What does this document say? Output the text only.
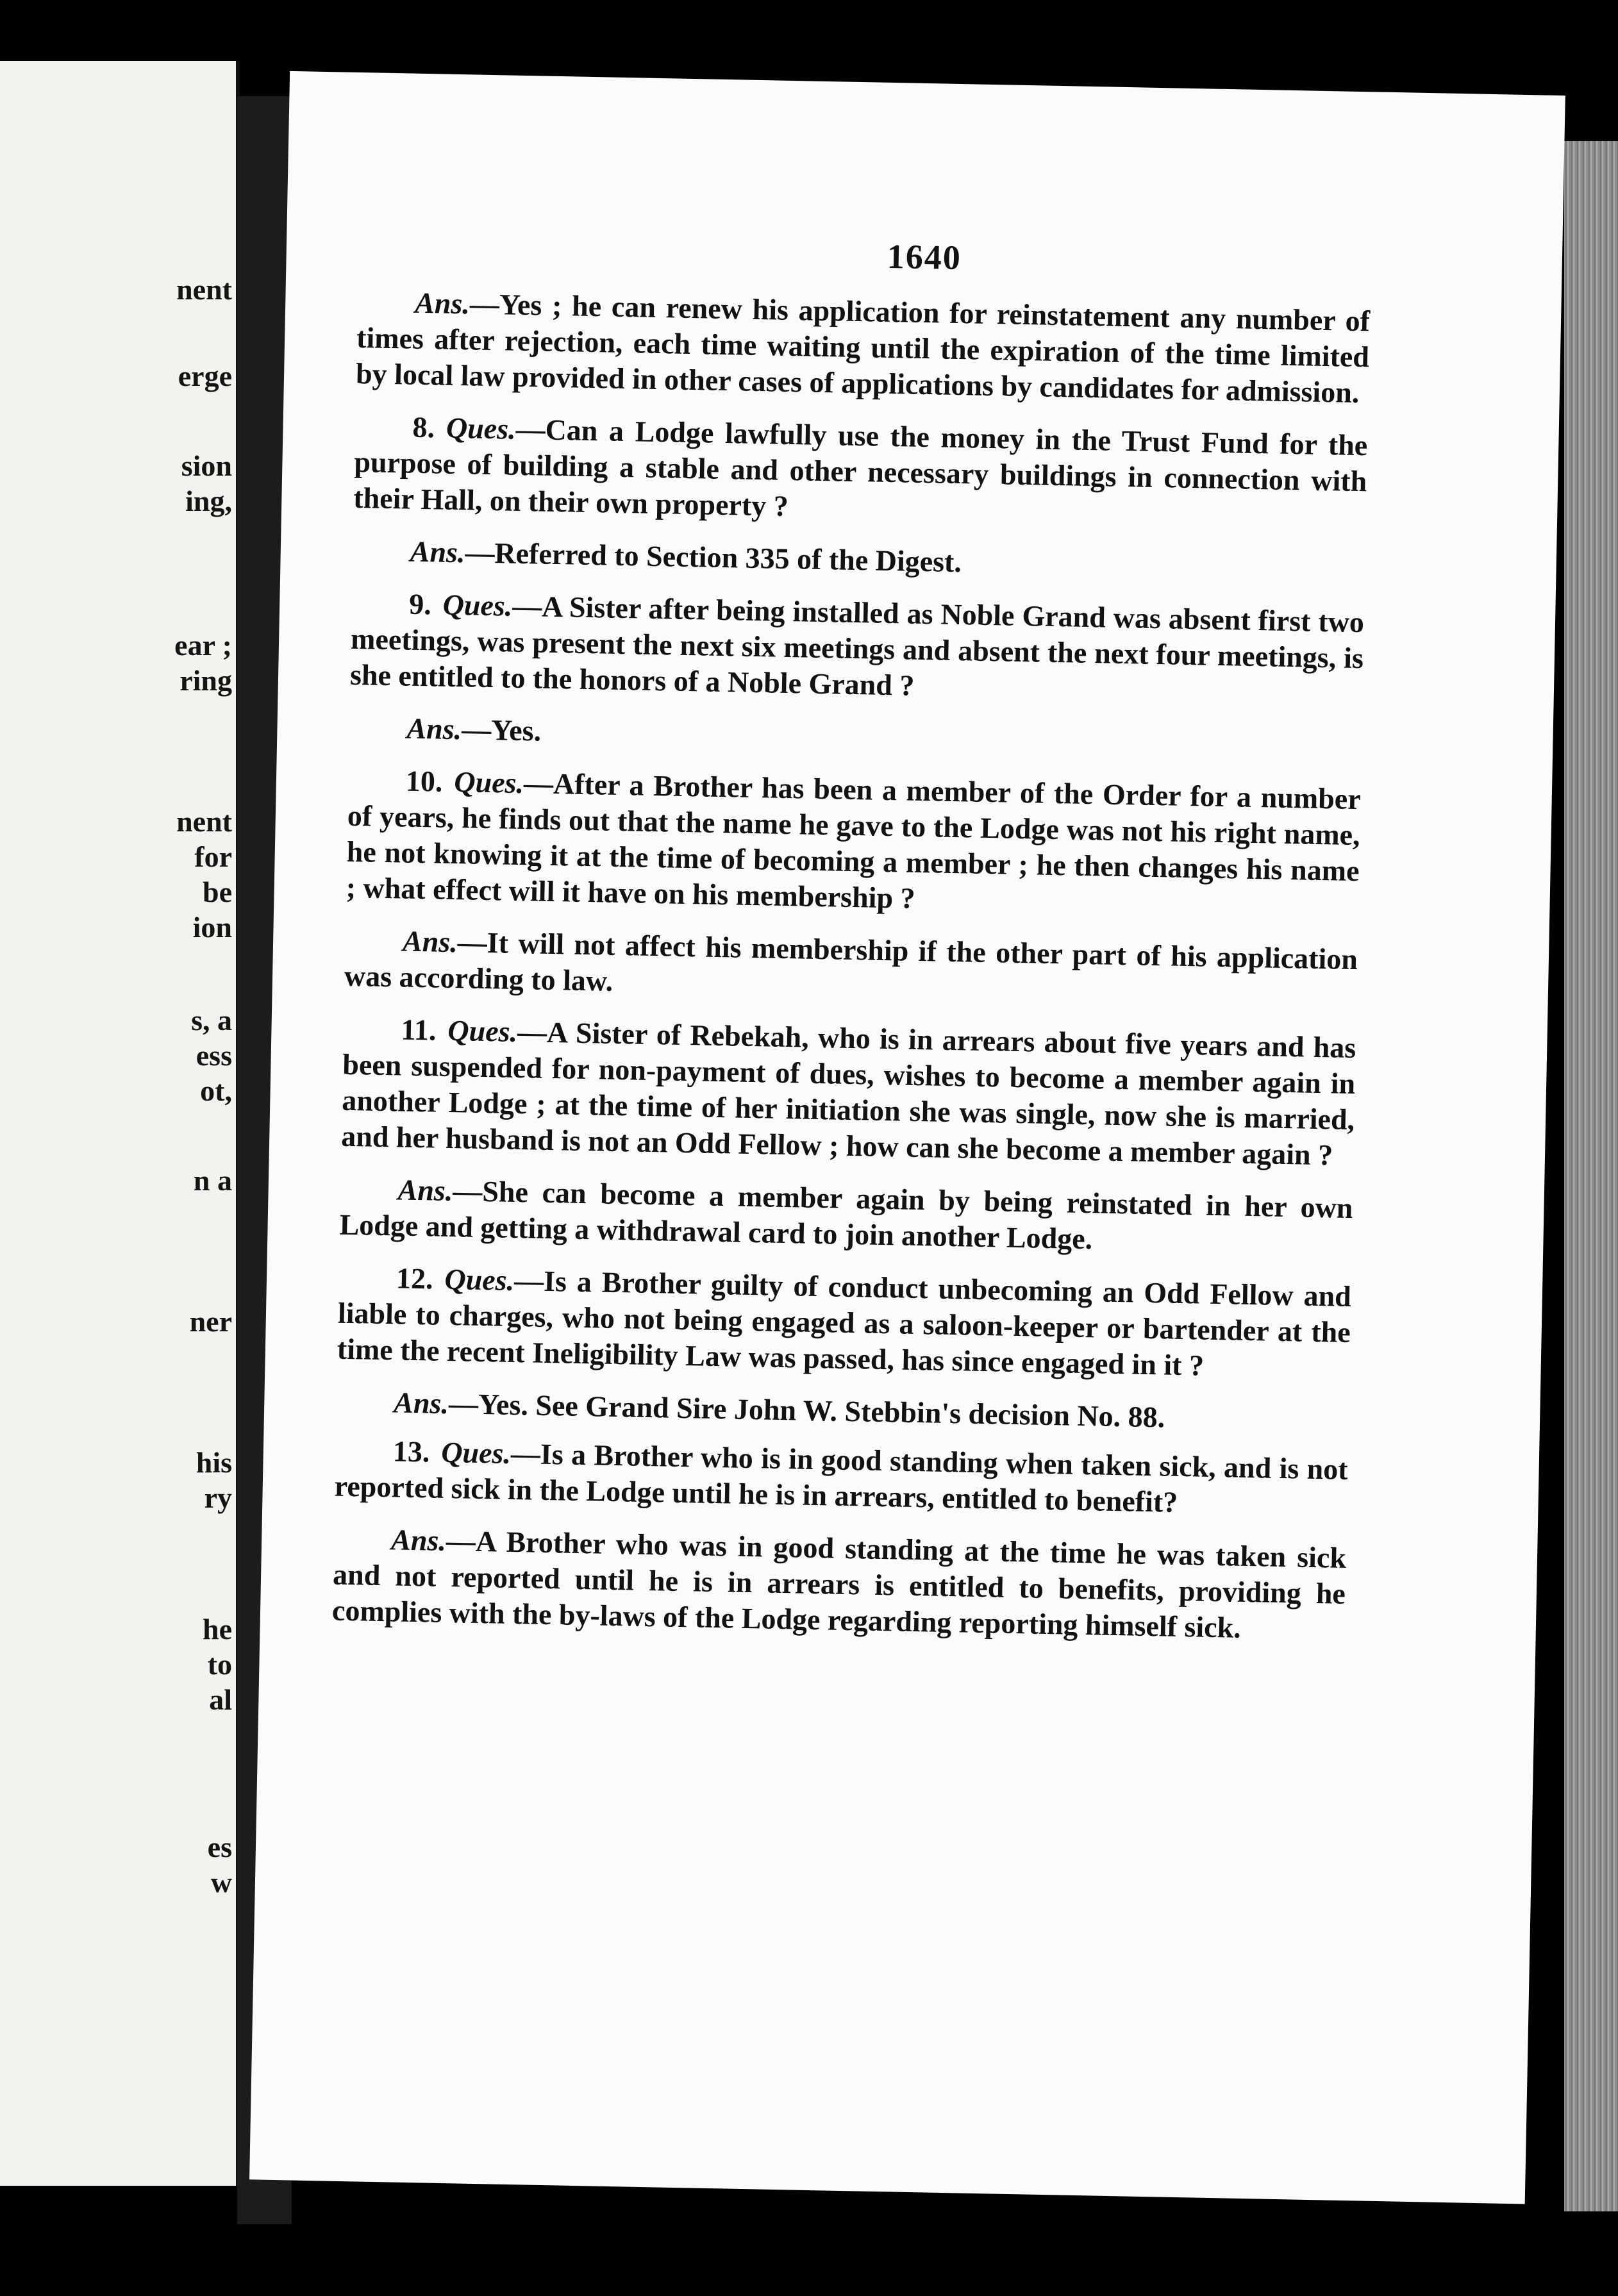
nent
erge
sion
ing,
ear ;
ring
nent
for
be
ion
s, a
ess
ot,
n a
ner
his
ry
he
to
al
es
w
1640

Ans.—Yes ; he can renew his application for reinstatement any number of times after rejection, each time waiting until the expiration of the time limited by local law provided in other cases of applications by candidates for admission.

8. Ques.—Can a Lodge lawfully use the money in the Trust Fund for the purpose of building a stable and other necessary buildings in connection with their Hall, on their own property ?

Ans.—Referred to Section 335 of the Digest.

9. Ques.—A Sister after being installed as Noble Grand was absent first two meetings, was present the next six meetings and absent the next four meetings, is she entitled to the honors of a Noble Grand ?

Ans.—Yes.

10. Ques.—After a Brother has been a member of the Order for a number of years, he finds out that the name he gave to the Lodge was not his right name, he not knowing it at the time of becoming a member ; he then changes his name ; what effect will it have on his membership ?

Ans.—It will not affect his membership if the other part of his application was according to law.

11. Ques.—A Sister of Rebekah, who is in arrears about five years and has been suspended for non-payment of dues, wishes to become a member again in another Lodge ; at the time of her initiation she was single, now she is married, and her husband is not an Odd Fellow ; how can she become a member again ?

Ans.—She can become a member again by being reinstated in her own Lodge and getting a withdrawal card to join another Lodge.

12. Ques.—Is a Brother guilty of conduct unbecoming an Odd Fellow and liable to charges, who not being engaged as a saloon-keeper or bartender at the time the recent Ineligibility Law was passed, has since engaged in it ?

Ans.—Yes. See Grand Sire John W. Stebbin's decision No. 88.

13. Ques.—Is a Brother who is in good standing when taken sick, and is not reported sick in the Lodge until he is in arrears, entitled to benefit?

Ans.—A Brother who was in good standing at the time he was taken sick and not reported until he is in arrears is entitled to benefits, providing he complies with the by-laws of the Lodge regarding reporting himself sick.
